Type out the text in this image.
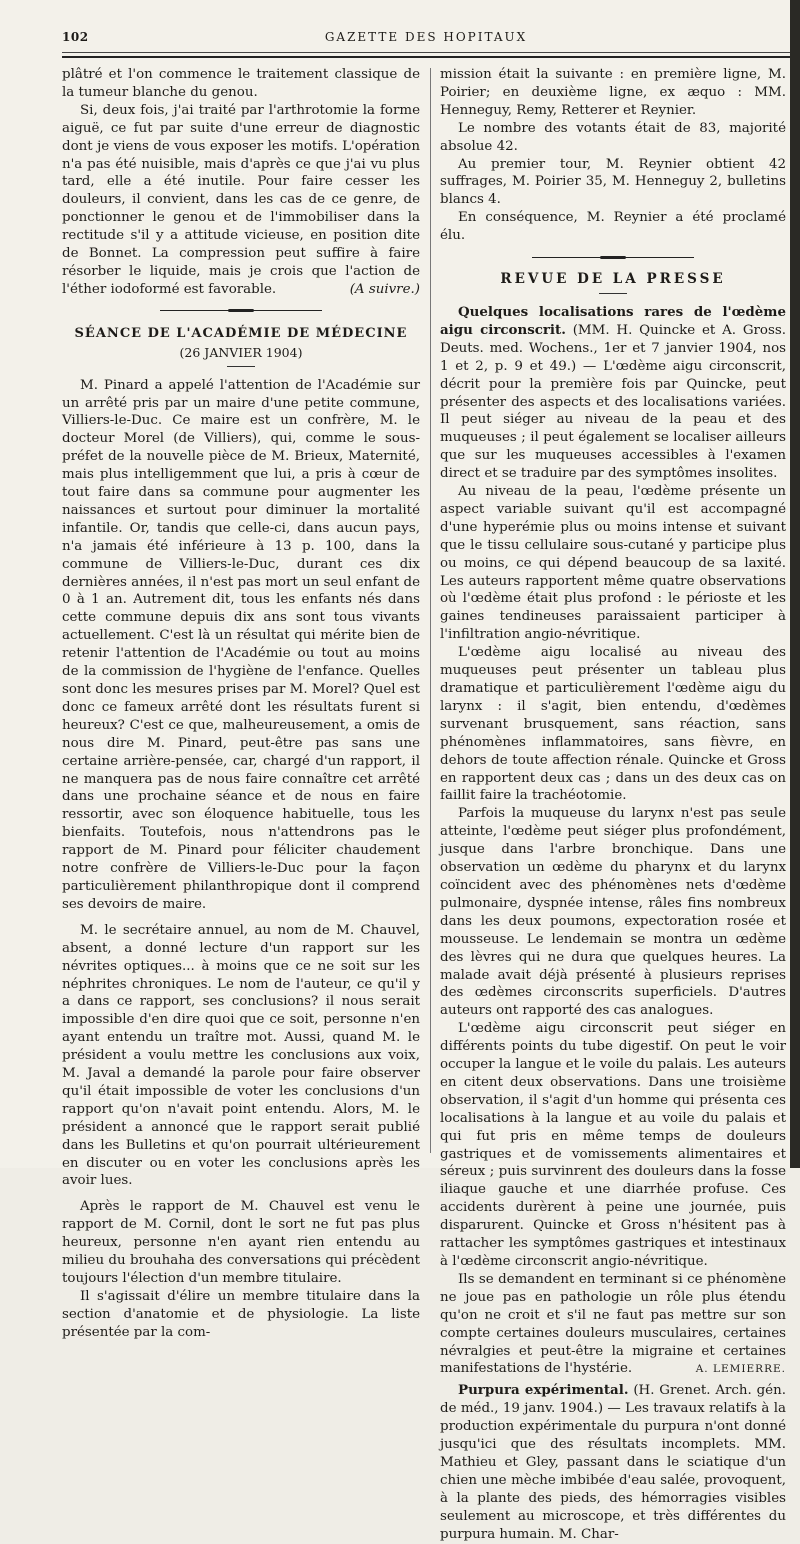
102	GAZETTE DES HOPITAUX

plâtré et l'on commence le traitement classique de la tumeur blanche du genou.

Si, deux fois, j'ai traité par l'arthrotomie la forme aiguë, ce fut par suite d'une erreur de diagnostic dont je viens de vous exposer les motifs. L'opération n'a pas été nuisible, mais d'après ce que j'ai vu plus tard, elle a été inutile. Pour faire cesser les douleurs, il convient, dans les cas de ce genre, de ponctionner le genou et de l'immobiliser dans la rectitude s'il y a attitude vicieuse, en position dite de Bonnet. La compression peut suffire à faire résorber le liquide, mais je crois que l'action de l'éther iodoformé est favorable.	(A suivre.)

SÉANCE DE L'ACADÉMIE DE MÉDECINE
(26 JANVIER 1904)

M. Pinard a appelé l'attention de l'Académie sur un arrêté pris par un maire d'une petite commune, Villiers-le-Duc. Ce maire est un confrère, M. le docteur Morel (de Villiers), qui, comme le sous-préfet de la nouvelle pièce de M. Brieux, Maternité, mais plus intelligemment que lui, a pris à cœur de tout faire dans sa commune pour augmenter les naissances et surtout pour diminuer la mortalité infantile. Or, tandis que celle-ci, dans aucun pays, n'a jamais été inférieure à 13 p. 100, dans la commune de Villiers-le-Duc, durant ces dix dernières années, il n'est pas mort un seul enfant de 0 à 1 an. Autrement dit, tous les enfants nés dans cette commune depuis dix ans sont tous vivants actuellement. C'est là un résultat qui mérite bien de retenir l'attention de l'Académie ou tout au moins de la commission de l'hygiène de l'enfance. Quelles sont donc les mesures prises par M. Morel? Quel est donc ce fameux arrêté dont les résultats furent si heureux? C'est ce que, malheureusement, a omis de nous dire M. Pinard, peut-être pas sans une certaine arrière-pensée, car, chargé d'un rapport, il ne manquera pas de nous faire connaître cet arrêté dans une prochaine séance et de nous en faire ressortir, avec son éloquence habituelle, tous les bienfaits. Toutefois, nous n'attendrons pas le rapport de M. Pinard pour féliciter chaudement notre confrère de Villiers-le-Duc pour la façon particulièrement philanthropique dont il comprend ses devoirs de maire.

M. le secrétaire annuel, au nom de M. Chauvel, absent, a donné lecture d'un rapport sur les névrites optiques... à moins que ce ne soit sur les néphrites chroniques. Le nom de l'auteur, ce qu'il y a dans ce rapport, ses conclusions? il nous serait impossible d'en dire quoi que ce soit, personne n'en ayant entendu un traître mot. Aussi, quand M. le président a voulu mettre les conclusions aux voix, M. Javal a demandé la parole pour faire observer qu'il était impossible de voter les conclusions d'un rapport qu'on n'avait point entendu. Alors, M. le président a annoncé que le rapport serait publié dans les Bulletins et qu'on pourrait ultérieurement en discuter ou en voter les conclusions après les avoir lues.

Après le rapport de M. Chauvel est venu le rapport de M. Cornil, dont le sort ne fut pas plus heureux, personne n'en ayant rien entendu au milieu du brouhaha des conversations qui précèdent toujours l'élection d'un membre titulaire.

Il s'agissait d'élire un membre titulaire dans la section d'anatomie et de physiologie. La liste présentée par la com-

mission était la suivante : en première ligne, M. Poirier; en deuxième ligne, ex æquo : MM. Henneguy, Remy, Retterer et Reynier.

Le nombre des votants était de 83, majorité absolue 42.

Au premier tour, M. Reynier obtient 42 suffrages, M. Poirier 35, M. Henneguy 2, bulletins blancs 4.

En conséquence, M. Reynier a été proclamé élu.

REVUE DE LA PRESSE

Quelques localisations rares de l'œdème aigu circonscrit. (MM. H. Quincke et A. Gross. Deuts. med. Wochens., 1er et 7 janvier 1904, nos 1 et 2, p. 9 et 49.) — L'œdème aigu circonscrit, décrit pour la première fois par Quincke, peut présenter des aspects et des localisations variées. Il peut siéger au niveau de la peau et des muqueuses ; il peut également se localiser ailleurs que sur les muqueuses accessibles à l'examen direct et se traduire par des symptômes insolites.

Au niveau de la peau, l'œdème présente un aspect variable suivant qu'il est accompagné d'une hyperémie plus ou moins intense et suivant que le tissu cellulaire sous-cutané y participe plus ou moins, ce qui dépend beaucoup de sa laxité. Les auteurs rapportent même quatre observations où l'œdème était plus profond : le périoste et les gaines tendineuses paraissaient participer à l'infiltration angio-névritique.

L'œdème aigu localisé au niveau des muqueuses peut présenter un tableau plus dramatique et particulièrement l'œdème aigu du larynx : il s'agit, bien entendu, d'œdèmes survenant brusquement, sans réaction, sans phénomènes inflammatoires, sans fièvre, en dehors de toute affection rénale. Quincke et Gross en rapportent deux cas ; dans un des deux cas on faillit faire la trachéotomie.

Parfois la muqueuse du larynx n'est pas seule atteinte, l'œdème peut siéger plus profondément, jusque dans l'arbre bronchique. Dans une observation un œdème du pharynx et du larynx coïncident avec des phénomènes nets d'œdème pulmonaire, dyspnée intense, râles fins nombreux dans les deux poumons, expectoration rosée et mousseuse. Le lendemain se montra un œdème des lèvres qui ne dura que quelques heures. La malade avait déjà présenté à plusieurs reprises des œdèmes circonscrits superficiels. D'autres auteurs ont rapporté des cas analogues.

L'œdème aigu circonscrit peut siéger en différents points du tube digestif. On peut le voir occuper la langue et le voile du palais. Les auteurs en citent deux observations. Dans une troisième observation, il s'agit d'un homme qui présenta ces localisations à la langue et au voile du palais et qui fut pris en même temps de douleurs gastriques et de vomissements alimentaires et séreux ; puis survinrent des douleurs dans la fosse iliaque gauche et une diarrhée profuse. Ces accidents durèrent à peine une journée, puis disparurent. Quincke et Gross n'hésitent pas à rattacher les symptômes gastriques et intestinaux à l'œdème circonscrit angio-névritique.

Ils se demandent en terminant si ce phénomène ne joue pas en pathologie un rôle plus étendu qu'on ne croit et s'il ne faut pas mettre sur son compte certaines douleurs musculaires, certaines névralgies et peut-être la migraine et certaines manifestations de l'hystérie.	A. LEMIERRE.

Purpura expérimental. (H. Grenet. Arch. gén. de méd., 19 janv. 1904.) — Les travaux relatifs à la production expérimentale du purpura n'ont donné jusqu'ici que des résultats incomplets. MM. Mathieu et Gley, passant dans le sciatique d'un chien une mèche imbibée d'eau salée, provoquent, à la plante des pieds, des hémorragies visibles seulement au microscope, et très différentes du purpura humain. M. Char-
